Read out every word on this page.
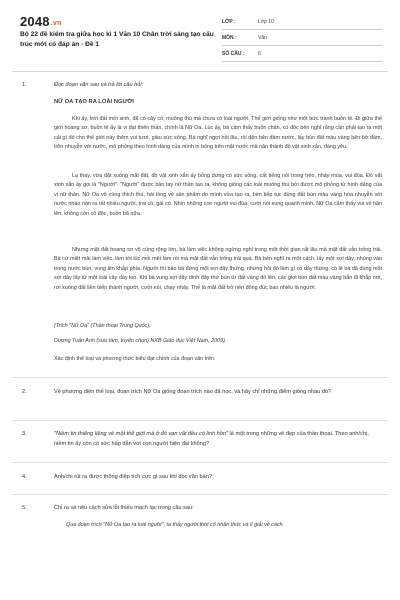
2048.vn
Bộ 22 đề kiểm tra giữa học kì 1 Văn 10 Chân trời sáng tạo cấu trúc mới có đáp án - Đề 1
LỚP :	Lớp 10
MÔN :	Văn
SỐ CÂU :	6
1.	Đọc đoạn văn sau và trả lời câu hỏi:
NỮ OA TẠO RA LOÀI NGƯỜI
Khi ấy, trời đất mới sinh, đã có cây cỏ, muông thú mà chưa có loài người. Thế giới giống như một bức tranh buồn tẻ. Đi giữa thế giới hoang sơ, buồn tẻ ấy là vị đại thiên thần, chính là Nữ Oa. Lúc ấy, bà cảm thấy buồn chán, có độc bên nghĩ rằng cần phải tạo ra một cái gì đó cho thế giới này thêm vui tươi, giàu sức sống. Bà nghĩ ngợi hồi lâu, rồi đến bên đầm nước, lấy bùn đất màu vàng bên bờ đầm, trộn nhuyễn với nước, mô phỏng theo hình dáng của mình in bóng trên mặt nước mà nặn thành đồ vật xinh xắn, đáng yêu.
Lạ thay, vừa đặt xuống mặt đất, đồ vật xinh xắn ấy bỗng dưng có sức sống, cất tiếng nói trong trẻo, nhảy múa, vui đùa. Đồ vật xinh xắn ấy gọi là "Người". "Người" được bàn tay nữ thần tạo ra, không giống các loài muông thú bởi được mô phỏng từ hình dáng của vị nữ thần. Nữ Oa vô cùng thích thú, hài lòng về sản phẩm do mình vừa tạo ra, bèn tiếp tục dùng đất bùn màu vàng hòa nhuyễn với nước nhào nặn ra rất nhiều người, trai có, gái có. Nhìn những con người vui đùa, cười nói xung quanh mình, Nữ Oa cảm thấy vui vẻ hân lên, không còn cô độc, buồn bã nữa.
Nhưng mặt đất hoang sơ vô cùng rộng lớn, bà làm việc không ngừng nghỉ trong một thời gian rất lâu mà mặt đất vẫn trống trải. Bà cứ miệt mài làm việc, làm tới lúc mỏi mệt làm rồi mà mặt đất vẫn trống trải quá. Bà bèn nghĩ ra một cách, lấy một sợi dây, nhúng vào trong nước bùn, vung lên khắp phía. Người thì bảo bà đứng một sợi dây thừng, nhưng hồi đó làm gì có dây thừng, có lẽ bà đã dùng một sợi dây lấy từ một loài cây dây leo. Khi bà vung sợi dây dính đầy thứ bùn từ đất vàng đó lên, các giọt bùn đất màu vàng bắn đi khắp nơi, rơi xuống đất liền biến thành người, cười nói, chạy nhảy. Thế là mặt đất trở nên đông đúc bao nhiêu là người.
(Trích "Nữ Oa" (Thần thoại Trung Quốc),
Dương Tuấn Anh (sưu tầm, tuyển chọn) NXB Giáo dục Việt Nam, 2009).
Xác định thể loại và phương thức biểu đạt chính của đoạn văn trên.
2.	Về phương diện thể loại, đoạn trích Nữ Oa giống đoạn trích nào đã học, và hãy chỉ những điểm giống nhau đó?
3.	"Niềm tin thiêng liêng về một thế giới mà ở đó vạn vật đều có linh hồn" là một trong những vẻ đẹp của thần thoại. Theo anh/chị, niềm tin ấy còn có sức hấp dẫn với con người hiện đại không?
4.	Anh/chị rút ra được thông điệp tích cực gì sau khi đọc văn bản?
5.	Chỉ ra và nêu cách sửa lỗi thiếu mạch lạc trong câu sau:
Qua đoạn trích "Nữ Oa tạo ra loài người", ta thấy người thời cổ nhận thức và lí giải về cách
